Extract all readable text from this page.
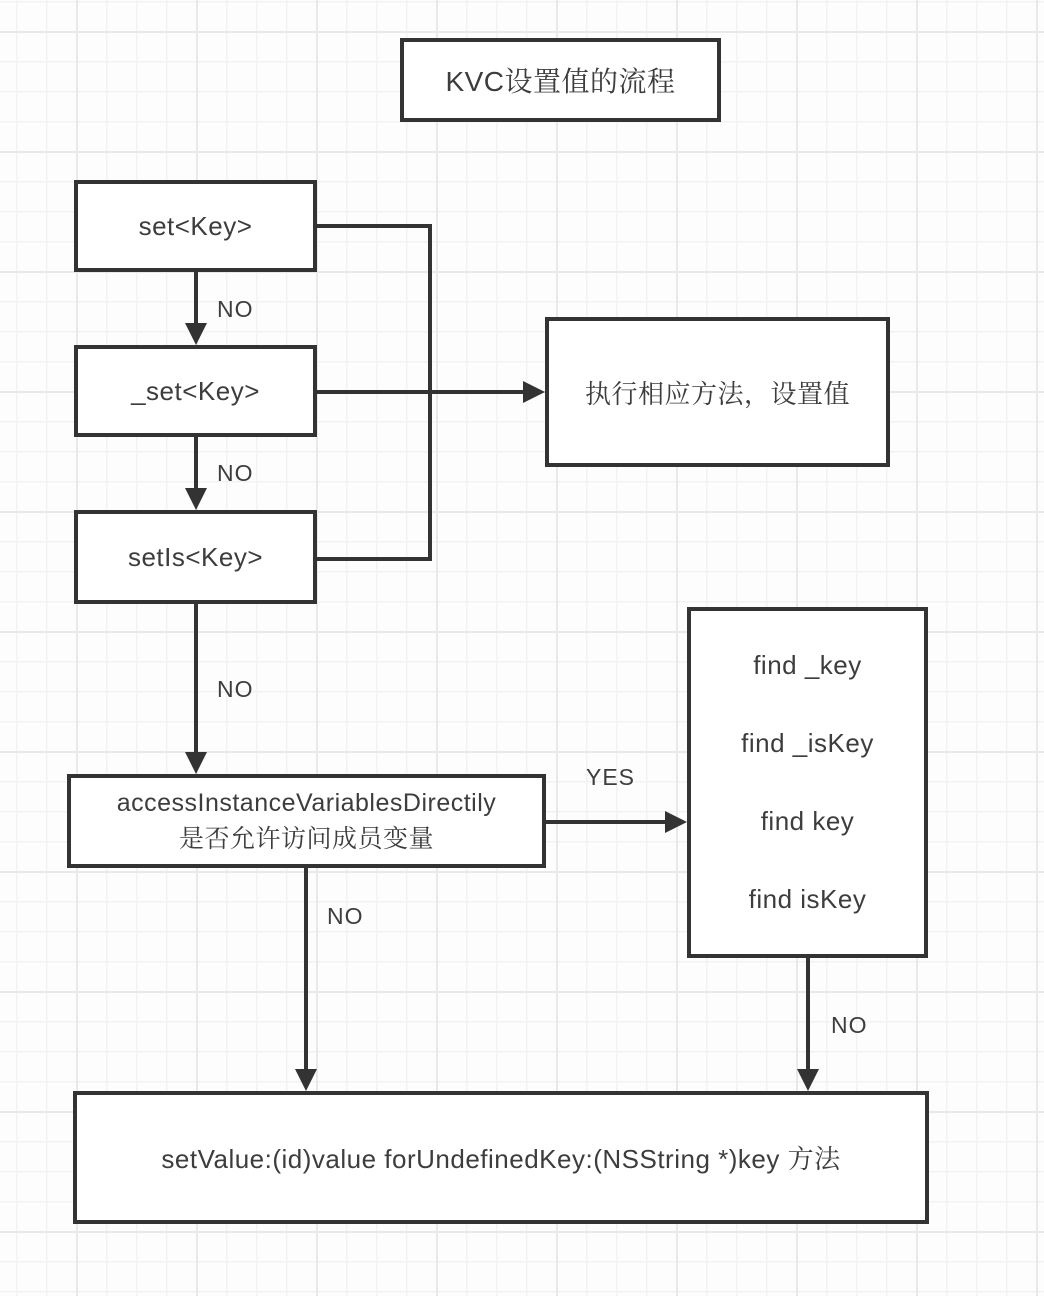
KVC设置值的流程
set<Key>
_set<Key>
setIs<Key>
执行相应方法，设置值
accessInstanceVariablesDirectily
是否允许访问成员变量
find _key
find _isKey
find key
find isKey
setValue:(id)value forUndefinedKey:(NSString *)key 方法
NO
NO
NO
YES
NO
NO
